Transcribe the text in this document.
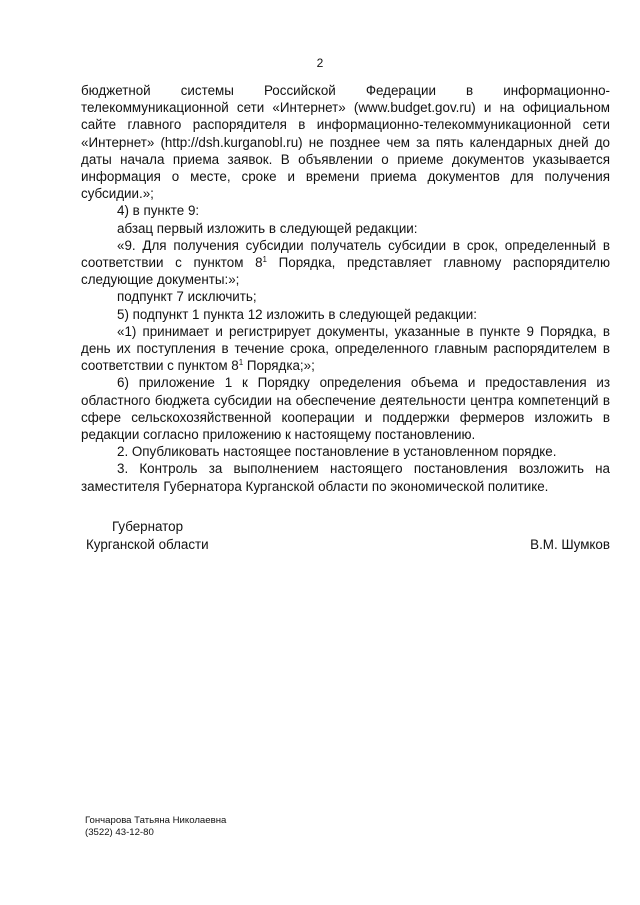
2

бюджетной системы Российской Федерации в информационно-телекоммуникационной сети «Интернет» (www.budget.gov.ru) и на официальном сайте главного распорядителя в информационно-телекоммуникационной сети «Интернет» (http://dsh.kurganobl.ru) не позднее чем за пять календарных дней до даты начала приема заявок. В объявлении о приеме документов указывается информация о месте, сроке и времени приема документов для получения субсидии.»;

4) в пункте 9:

абзац первый изложить в следующей редакции:

«9. Для получения субсидии получатель субсидии в срок, определенный в соответствии с пунктом $8^1$ Порядка, представляет главному распорядителю следующие документы:»;

подпункт 7 исключить;

5) подпункт 1 пункта 12 изложить в следующей редакции:

«1) принимает и регистрирует документы, указанные в пункте 9 Порядка, в день их поступления в течение срока, определенного главным распорядителем в соответствии с пунктом $8^1$ Порядка;»;

6) приложение 1 к Порядку определения объема и предоставления из областного бюджета субсидии на обеспечение деятельности центра компетенций в сфере сельскохозяйственной кооперации и поддержки фермеров изложить в редакции согласно приложению к настоящему постановлению.

2. Опубликовать настоящее постановление в установленном порядке.

3. Контроль за выполнением настоящего постановления возложить на заместителя Губернатора Курганской области по экономической политике.

Губернатор
Курганской области	В.М. Шумков
Гончарова Татьяна Николаевна
(3522) 43-12-80
